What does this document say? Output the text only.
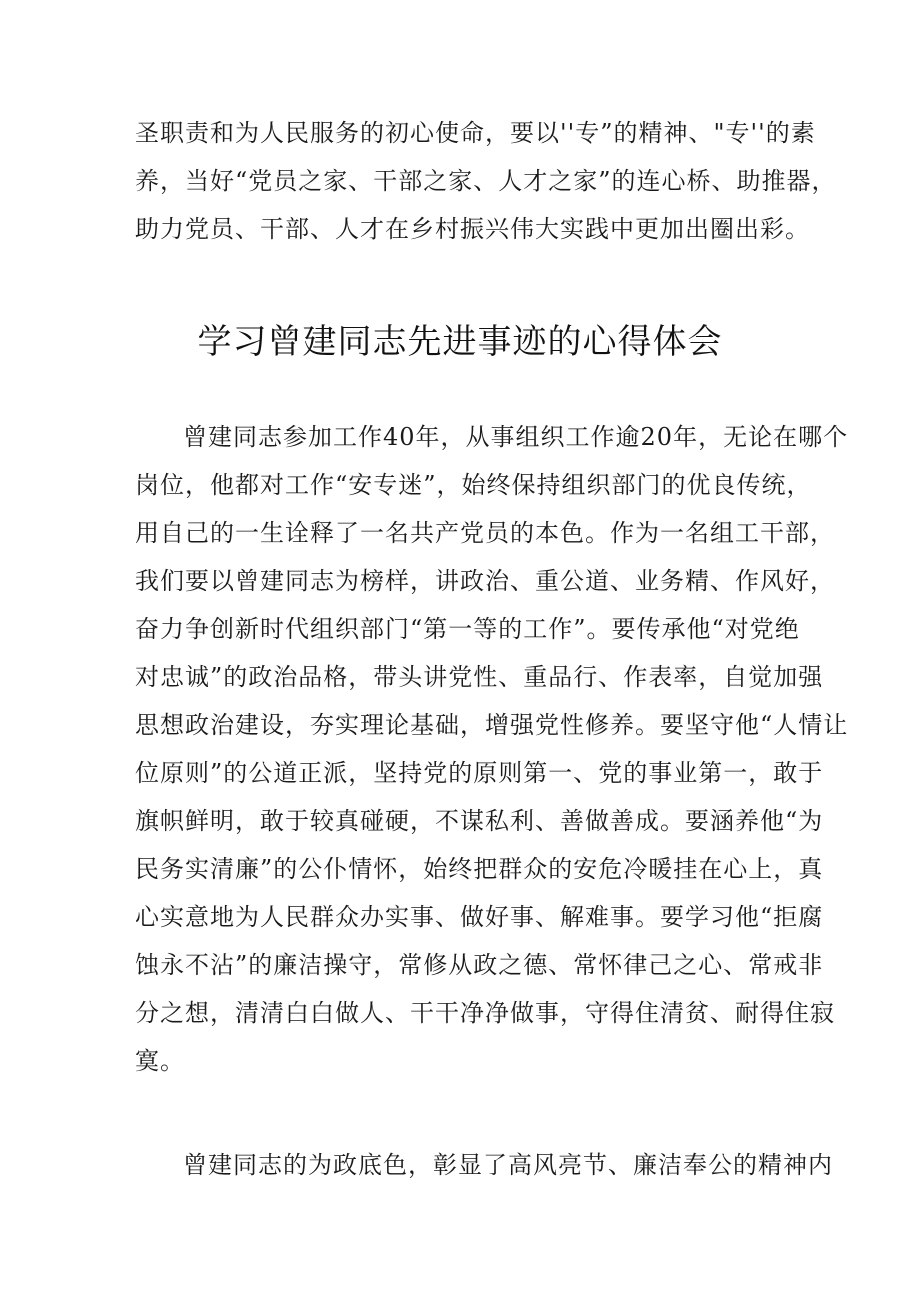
圣职责和为人民服务的初心使命，要以''专”的精神、"专''的素
养，当好“党员之家、干部之家、人才之家”的连心桥、助推器，
助力党员、干部、人才在乡村振兴伟大实践中更加出圈出彩。
学习曾建同志先进事迹的心得体会
曾建同志参加工作40年，从事组织工作逾20年，无论在哪个
岗位，他都对工作“安专迷”，始终保持组织部门的优良传统，
用自己的一生诠释了一名共产党员的本色。作为一名组工干部，
我们要以曾建同志为榜样，讲政治、重公道、业务精、作风好，
奋力争创新时代组织部门“第一等的工作”。要传承他“对党绝
对忠诚”的政治品格，带头讲党性、重品行、作表率，自觉加强
思想政治建设，夯实理论基础，增强党性修养。要坚守他“人情让
位原则”的公道正派，坚持党的原则第一、党的事业第一，敢于
旗帜鲜明，敢于较真碰硬，不谋私利、善做善成。要涵养他“为
民务实清廉”的公仆情怀，始终把群众的安危冷暖挂在心上，真
心实意地为人民群众办实事、做好事、解难事。要学习他“拒腐
蚀永不沾”的廉洁操守，常修从政之德、常怀律己之心、常戒非
分之想，清清白白做人、干干净净做事，守得住清贫、耐得住寂
寞。
曾建同志的为政底色，彰显了高风亮节、廉洁奉公的精神内
